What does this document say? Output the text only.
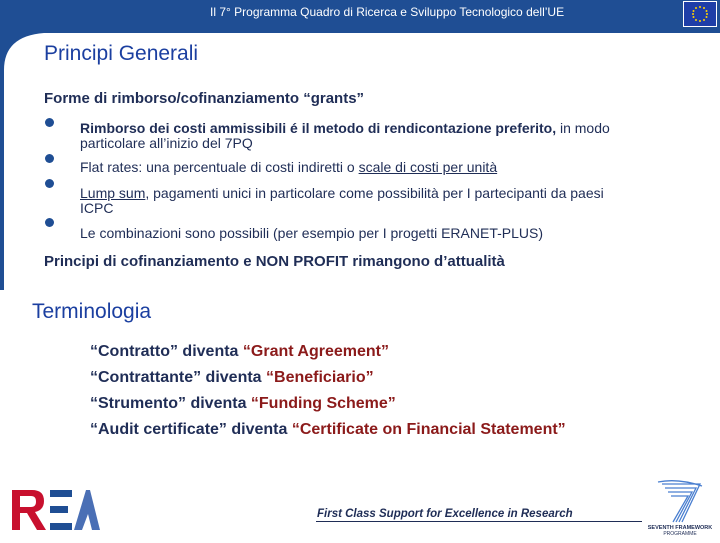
Il 7° Programma Quadro di Ricerca e Sviluppo Tecnologico dell’UE
Principi Generali
Forme di rimborso/cofinanziamento “grants”
Rimborso dei costi ammissibili é il metodo di rendicontazione preferito, in modo
particolare all’inizio del 7PQ
Flat rates: una percentuale di costi indiretti o scale di costi per unità
Lump sum, pagamenti unici in particolare come possibilità per I partecipanti da paesi
ICPC
Le combinazioni sono possibili (per esempio per I progetti ERANET-PLUS)
Principi di cofinanziamento e NON PROFIT rimangono d’attualità
Terminologia
“Contratto” diventa “Grant Agreement”
“Contrattante” diventa “Beneficiario”
“Strumento” diventa “Funding Scheme”
“Audit certificate” diventa “Certificate on Financial Statement”
REA
First Class Support for Excellence in Research
SEVENTH FRAMEWORK
PROGRAMME
